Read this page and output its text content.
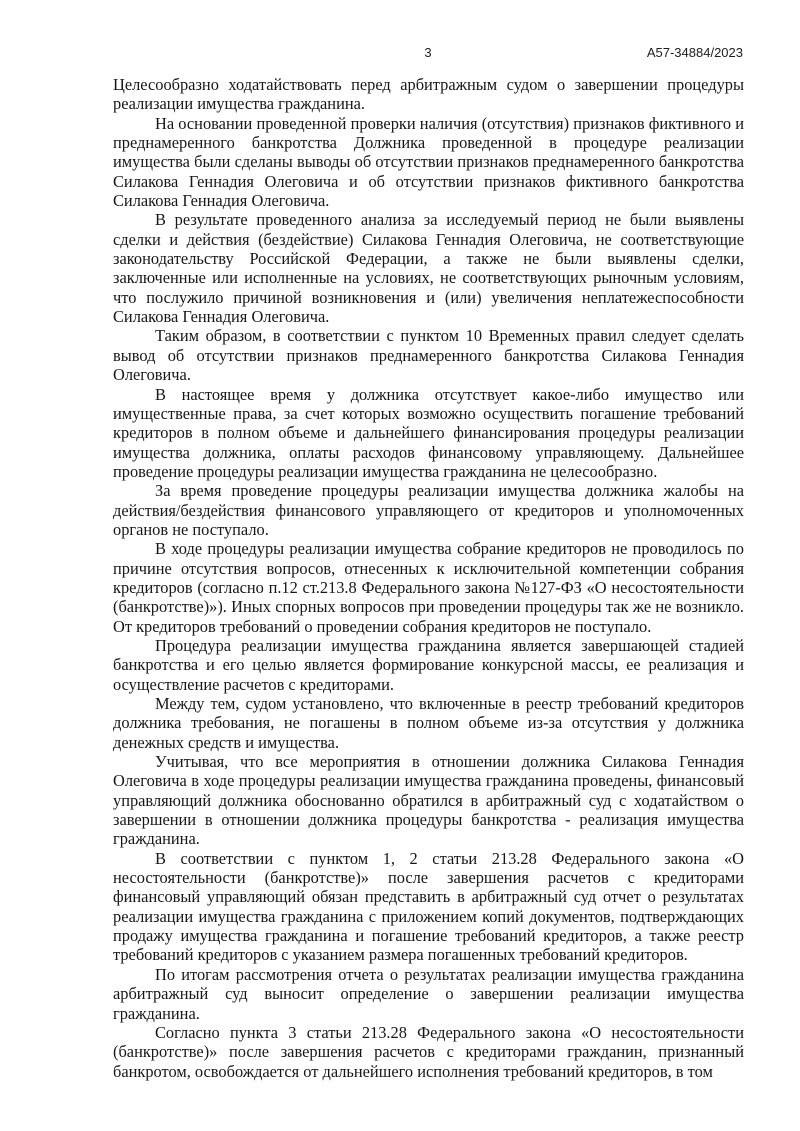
3	А57-34884/2023

Целесообразно ходатайствовать перед арбитражным судом о завершении процедуры реализации имущества гражданина.

На основании проведенной проверки наличия (отсутствия) признаков фиктивного и преднамеренного банкротства Должника проведенной в процедуре реализации имущества были сделаны выводы об отсутствии признаков преднамеренного банкротства Силакова Геннадия Олеговича и об отсутствии признаков фиктивного банкротства Силакова Геннадия Олеговича.

В результате проведенного анализа за исследуемый период не были выявлены сделки и действия (бездействие) Силакова Геннадия Олеговича, не соответствующие законодательству Российской Федерации, а также не были выявлены сделки, заключенные или исполненные на условиях, не соответствующих рыночным условиям, что послужило причиной возникновения и (или) увеличения неплатежеспособности Силакова Геннадия Олеговича.

Таким образом, в соответствии с пунктом 10 Временных правил следует сделать вывод об отсутствии признаков преднамеренного банкротства Силакова Геннадия Олеговича.

В настоящее время у должника отсутствует какое-либо имущество или имущественные права, за счет которых возможно осуществить погашение требований кредиторов в полном объеме и дальнейшего финансирования процедуры реализации имущества должника, оплаты расходов финансовому управляющему. Дальнейшее проведение процедуры реализации имущества гражданина не целесообразно.

За время проведение процедуры реализации имущества должника жалобы на действия/бездействия финансового управляющего от кредиторов и уполномоченных органов не поступало.

В ходе процедуры реализации имущества собрание кредиторов не проводилось по причине отсутствия вопросов, отнесенных к исключительной компетенции собрания кредиторов (согласно п.12 ст.213.8 Федерального закона №127-ФЗ «О несостоятельности (банкротстве)»). Иных спорных вопросов при проведении процедуры так же не возникло. От кредиторов требований о проведении собрания кредиторов не поступало.

Процедура реализации имущества гражданина является завершающей стадией банкротства и его целью является формирование конкурсной массы, ее реализация и осуществление расчетов с кредиторами.

Между тем, судом установлено, что включенные в реестр требований кредиторов должника требования, не погашены в полном объеме из-за отсутствия у должника денежных средств и имущества.

Учитывая, что все мероприятия в отношении должника Силакова Геннадия Олеговича в ходе процедуры реализации имущества гражданина проведены, финансовый управляющий должника обоснованно обратился в арбитражный суд с ходатайством о завершении в отношении должника процедуры банкротства - реализация имущества гражданина.

В соответствии с пунктом 1, 2 статьи 213.28 Федерального закона «О несостоятельности (банкротстве)» после завершения расчетов с кредиторами финансовый управляющий обязан представить в арбитражный суд отчет о результатах реализации имущества гражданина с приложением копий документов, подтверждающих продажу имущества гражданина и погашение требований кредиторов, а также реестр требований кредиторов с указанием размера погашенных требований кредиторов.

По итогам рассмотрения отчета о результатах реализации имущества гражданина арбитражный суд выносит определение о завершении реализации имущества гражданина.

Согласно пункта 3 статьи 213.28 Федерального закона «О несостоятельности (банкротстве)» после завершения расчетов с кредиторами гражданин, признанный банкротом, освобождается от дальнейшего исполнения требований кредиторов, в том
